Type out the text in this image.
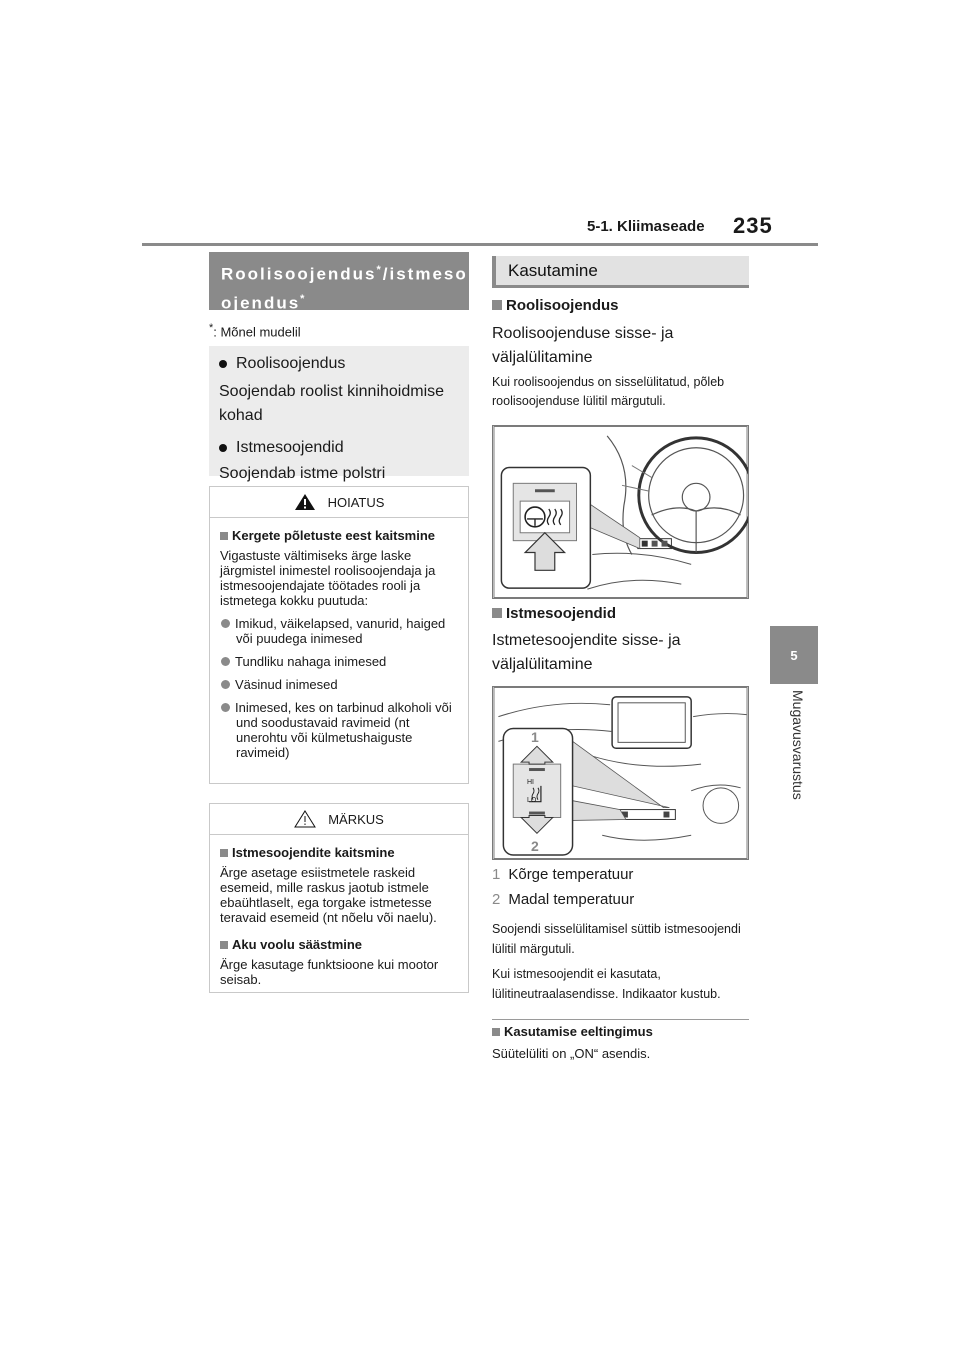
5-1. Kliimaseade 235
5
Mugavusvarustus
Roolisoojendus*/istmeso
ojendus*
*: Mõnel mudelil

Roolisoojendus

Soojendab roolist kinnihoidmise kohad

Istmesoojendid

Soojendab istme polstri

HOIATUS
Kergete põletuste eest kaitsmine
Vigastuste vältimiseks ärge laske järgmistel inimestel roolisoojendaja ja istmesoojendajate töötades rooli ja istmetega kokku puutuda:
Imikud, väikelapsed, vanurid, haiged või puudega inimesed
Tundliku nahaga inimesed
Väsinud inimesed
Inimesed, kes on tarbinud alkoholi või und soodustavaid ravimeid (nt unerohtu või külmetushaiguste ravimeid)
MÄRKUS
Istmesoojendite kaitsmine
Ärge asetage esiistmetele raskeid esemeid, mille raskus jaotub istmele ebaühtlaselt, ega torgake istmetesse teravaid esemeid (nt nõelu või naelu).
Aku voolu säästmine
Ärge kasutage funktsioone kui mootor seisab.
Kasutamine
Roolisoojendus
Roolisoojenduse sisse- ja väljalülitamine
Kui roolisoojendus on sisselülitatud, põleb roolisoojenduse lülitil märgutuli.
Istmesoojendid
Istmetesoojendite sisse- ja väljalülitamine
1
2
HI
LO
1 Kõrge temperatuur
2 Madal temperatuur
Soojendi sisselülitamisel süttib istmesoojendi lülitil märgutuli.
Kui istmesoojendit ei kasutata, lülitineutraalasendisse. Indikaator kustub.
Kasutamise eeltingimus
Süütelüliti on „ON“ asendis.
